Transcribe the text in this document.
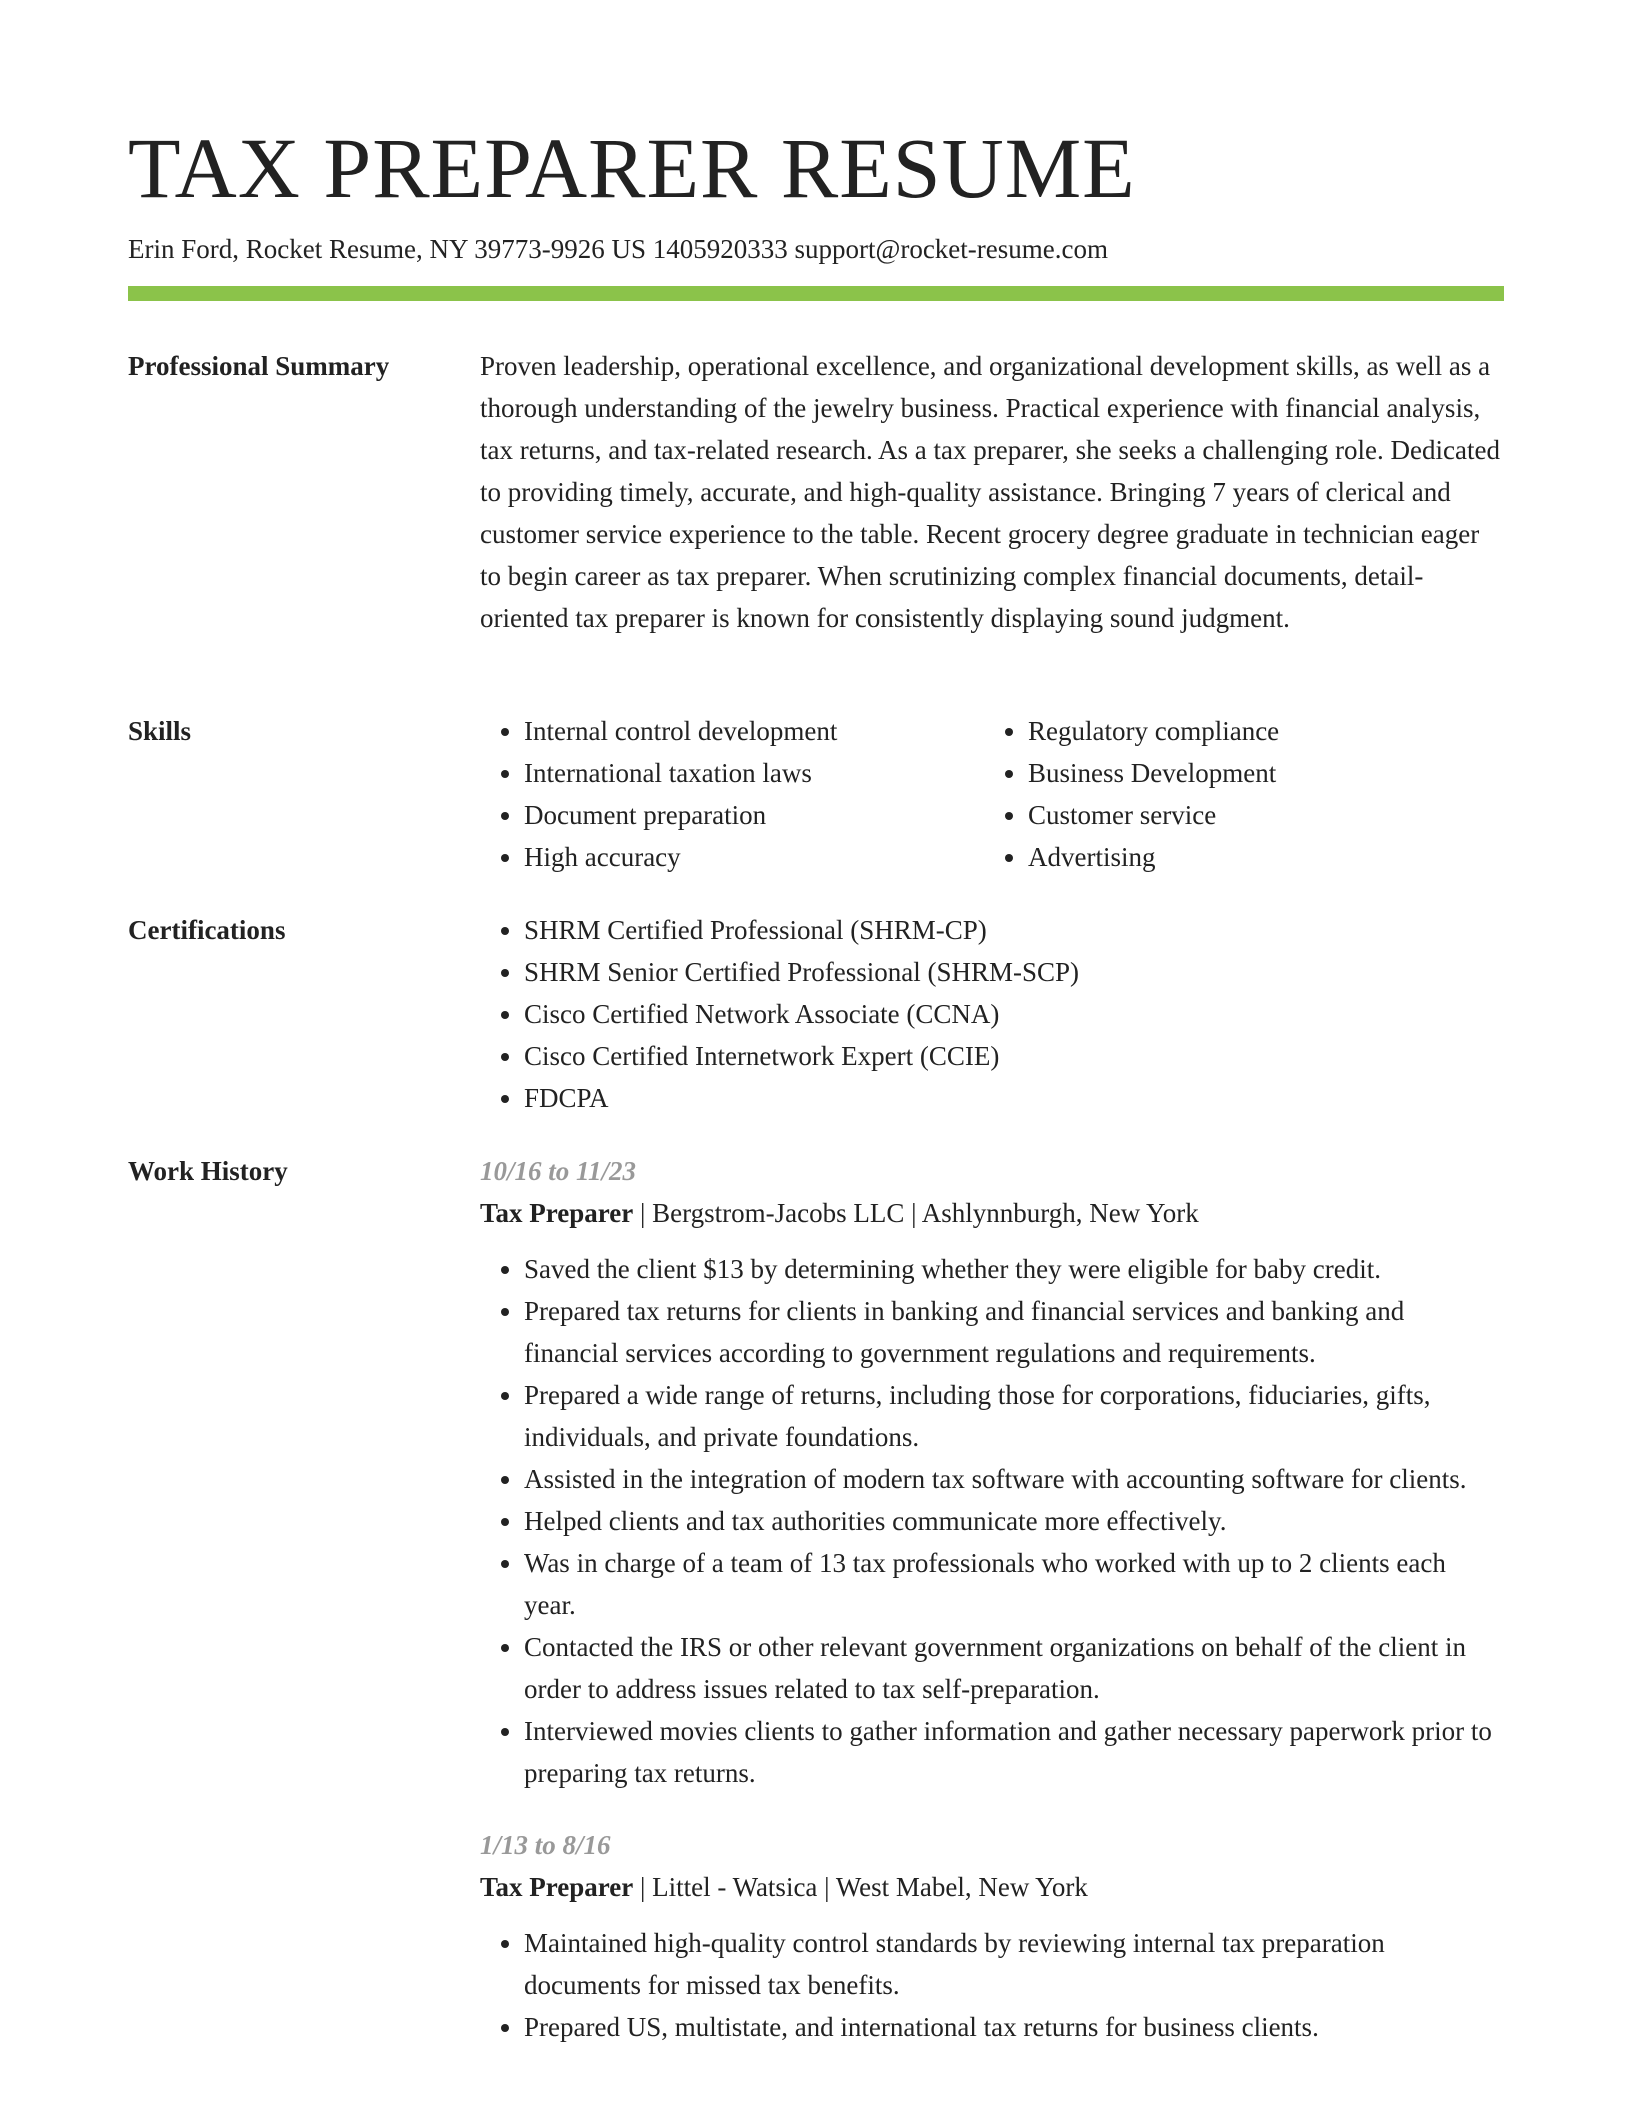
TAX PREPARER RESUME
Erin Ford, Rocket Resume, NY 39773-9926 US 1405920333 support@rocket-resume.com
Professional Summary	Proven leadership, operational excellence, and organizational development skills, as well as a thorough understanding of the jewelry business. Practical experience with financial analysis, tax returns, and tax-related research. As a tax preparer, she seeks a challenging role. Dedicated to providing timely, accurate, and high-quality assistance. Bringing 7 years of clerical and customer service experience to the table. Recent grocery degree graduate in technician eager to begin career as tax preparer. When scrutinizing complex financial documents, detail-oriented tax preparer is known for consistently displaying sound judgment.

Skills	• Internal control development
• International taxation laws
• Document preparation
• High accuracy
• Regulatory compliance
• Business Development
• Customer service
• Advertising
Certifications	• SHRM Certified Professional (SHRM-CP)
• SHRM Senior Certified Professional (SHRM-SCP)
• Cisco Certified Network Associate (CCNA)
• Cisco Certified Internetwork Expert (CCIE)
• FDCPA
Work History	10/16 to 11/23
Tax Preparer | Bergstrom-Jacobs LLC | Ashlynnburgh, New York
• Saved the client $13 by determining whether they were eligible for baby credit.
• Prepared tax returns for clients in banking and financial services and banking and financial services according to government regulations and requirements.
• Prepared a wide range of returns, including those for corporations, fiduciaries, gifts, individuals, and private foundations.
• Assisted in the integration of modern tax software with accounting software for clients.
• Helped clients and tax authorities communicate more effectively.
• Was in charge of a team of 13 tax professionals who worked with up to 2 clients each year.
• Contacted the IRS or other relevant government organizations on behalf of the client in order to address issues related to tax self-preparation.
• Interviewed movies clients to gather information and gather necessary paperwork prior to preparing tax returns.
1/13 to 8/16
Tax Preparer | Littel - Watsica | West Mabel, New York
• Maintained high-quality control standards by reviewing internal tax preparation documents for missed tax benefits.
• Prepared US, multistate, and international tax returns for business clients.
